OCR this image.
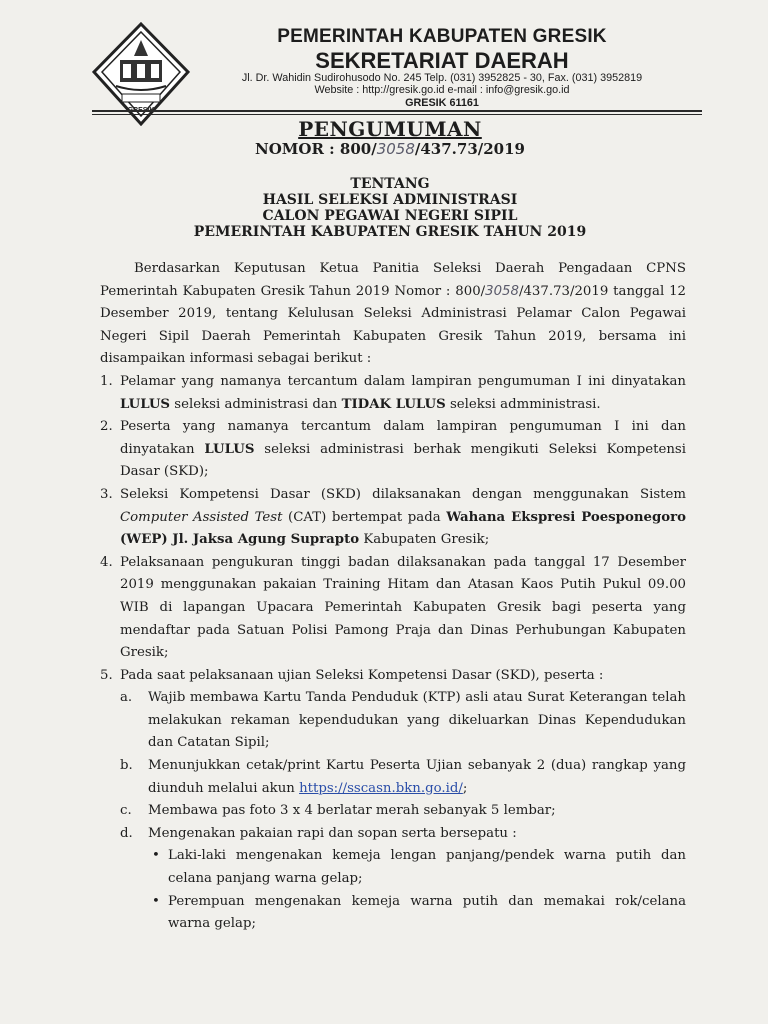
PEMERINTAH KABUPATEN GRESIK
SEKRETARIAT DAERAH
Jl. Dr. Wahidin Sudirohusodo No. 245 Telp. (031) 3952825 - 30, Fax. (031) 3952819
Website : http://gresik.go.id e-mail : info@gresik.go.id
GRESIK 61161
PENGUMUMAN
NOMOR : 800/3058/437.73/2019
TENTANG
HASIL SELEKSI ADMINISTRASI
CALON PEGAWAI NEGERI SIPIL
PEMERINTAH KABUPATEN GRESIK TAHUN 2019

Berdasarkan Keputusan Ketua Panitia Seleksi Daerah Pengadaan CPNS Pemerintah Kabupaten Gresik Tahun 2019 Nomor : 800/3058/437.73/2019 tanggal 12 Desember 2019, tentang Kelulusan Seleksi Administrasi Pelamar Calon Pegawai Negeri Sipil Daerah Pemerintah Kabupaten Gresik Tahun 2019, bersama ini disampaikan informasi sebagai berikut :

1. Pelamar yang namanya tercantum dalam lampiran pengumuman I ini dinyatakan LULUS seleksi administrasi dan TIDAK LULUS seleksi admministrasi.
2. Peserta yang namanya tercantum dalam lampiran pengumuman I ini dan dinyatakan LULUS seleksi administrasi berhak mengikuti Seleksi Kompetensi Dasar (SKD);
3. Seleksi Kompetensi Dasar (SKD) dilaksanakan dengan menggunakan Sistem Computer Assisted Test (CAT) bertempat pada Wahana Ekspresi Poesponegoro (WEP) Jl. Jaksa Agung Suprapto Kabupaten Gresik;
4. Pelaksanaan pengukuran tinggi badan dilaksanakan pada tanggal 17 Desember 2019 menggunakan pakaian Training Hitam dan Atasan Kaos Putih Pukul 09.00 WIB di lapangan Upacara Pemerintah Kabupaten Gresik bagi peserta yang mendaftar pada Satuan Polisi Pamong Praja dan Dinas Perhubungan Kabupaten Gresik;
5. Pada saat pelaksanaan ujian Seleksi Kompetensi Dasar (SKD), peserta :
a. Wajib membawa Kartu Tanda Penduduk (KTP) asli atau Surat Keterangan telah melakukan rekaman kependudukan yang dikeluarkan Dinas Kependudukan dan Catatan Sipil;
b. Menunjukkan cetak/print Kartu Peserta Ujian sebanyak 2 (dua) rangkap yang diunduh melalui akun https://sscasn.bkn.go.id/;
c. Membawa pas foto 3 x 4 berlatar merah sebanyak 5 lembar;
d. Mengenakan pakaian rapi dan sopan serta bersepatu :
• Laki-laki mengenakan kemeja lengan panjang/pendek warna putih dan celana panjang warna gelap;
• Perempuan mengenakan kemeja warna putih dan memakai rok/celana warna gelap;
